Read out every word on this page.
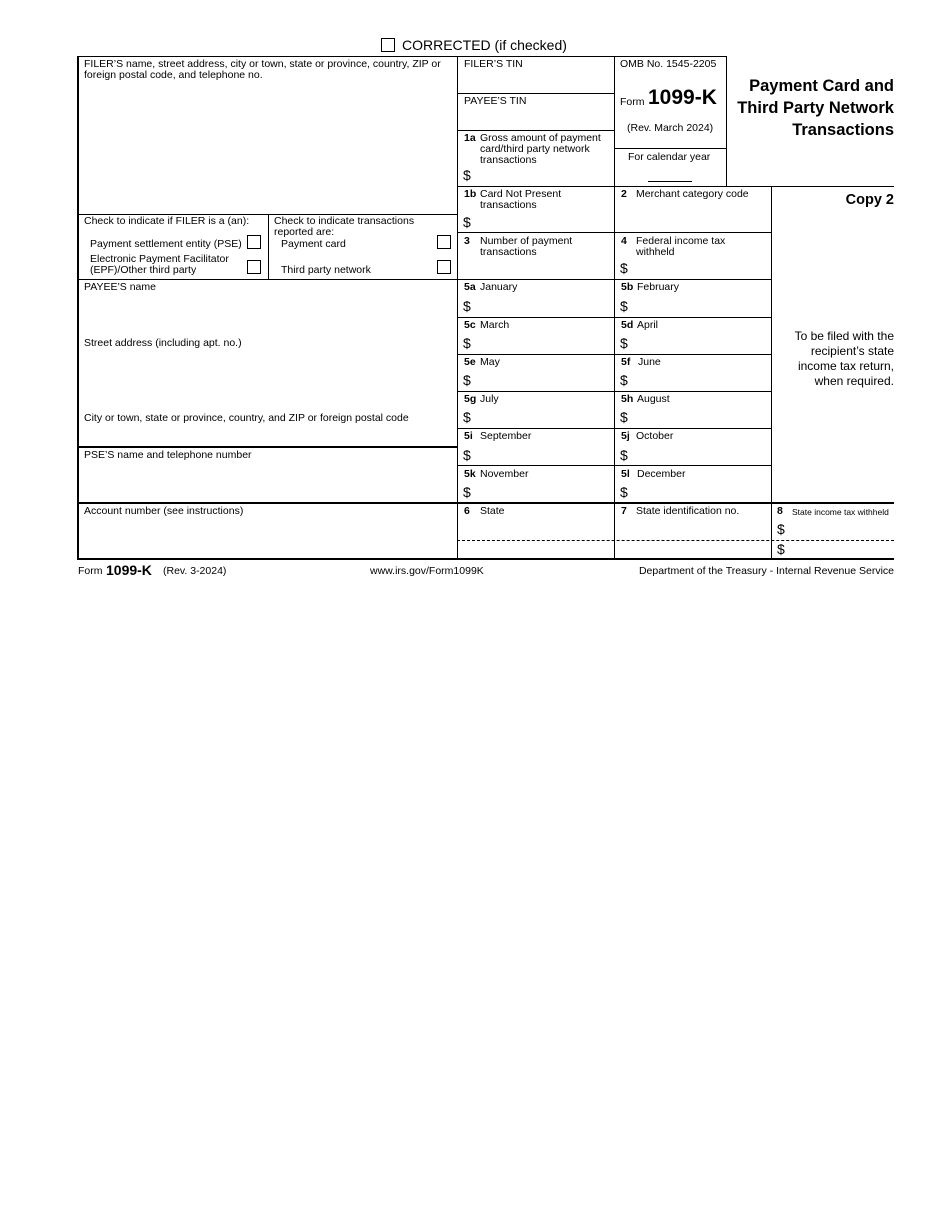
CORRECTED (if checked)
FILER’S name, street address, city or town, state or province, country, ZIP or foreign postal code, and telephone no.
Check to indicate if FILER is a (an):
Payment settlement entity (PSE)
Electronic Payment Facilitator (EPF)/Other third party
Check to indicate transactions reported are:
Payment card
Third party network
PAYEE’S name
Street address (including apt. no.)
City or town, state or province, country, and ZIP or foreign postal code
PSE’S name and telephone number
Account number (see instructions)
FILER’S TIN
PAYEE’S TIN
1a Gross amount of payment card/third party network transactions
$
OMB No. 1545-2205
Form 1099-K
(Rev. March 2024)
For calendar year
Payment Card and Third Party Network Transactions
Copy 2
To be filed with the recipient’s state income tax return, when required.
1b Card Not Present transactions
$
2 Merchant category code
3 Number of payment transactions
4 Federal income tax withheld
$
5a January
$
5b February
$
5c March
$
5d April
$
5e May
$
5f June
$
5g July
$
5h August
$
5i September
$
5j October
$
5k November
$
5l December
$
6 State	7 State identification no.	8 State income tax withheld
$
$
Form 1099-K (Rev. 3-2024)	www.irs.gov/Form1099K	Department of the Treasury - Internal Revenue Service
